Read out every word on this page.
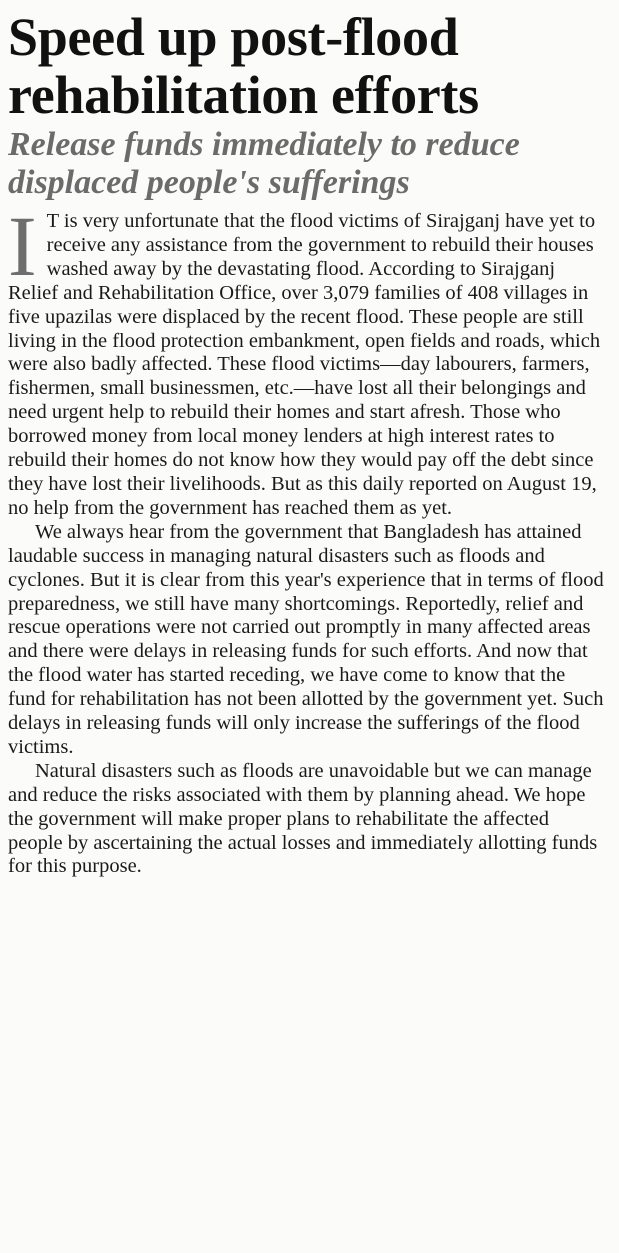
Speed up post-flood rehabilitation efforts
Release funds immediately to reduce displaced people's sufferings

I T is very unfortunate that the flood victims of Sirajganj have yet to receive any assistance from the government to rebuild their houses washed away by the devastating flood. According to Sirajganj Relief and Rehabilitation Office, over 3,079 families of 408 villages in five upazilas were displaced by the recent flood. These people are still living in the flood protection embankment, open fields and roads, which were also badly affected. These flood victims—day labourers, farmers, fishermen, small businessmen, etc.—have lost all their belongings and need urgent help to rebuild their homes and start afresh. Those who borrowed money from local money lenders at high interest rates to rebuild their homes do not know how they would pay off the debt since they have lost their livelihoods. But as this daily reported on August 19, no help from the government has reached them as yet.

We always hear from the government that Bangladesh has attained laudable success in managing natural disasters such as floods and cyclones. But it is clear from this year's experience that in terms of flood preparedness, we still have many shortcomings. Reportedly, relief and rescue operations were not carried out promptly in many affected areas and there were delays in releasing funds for such efforts. And now that the flood water has started receding, we have come to know that the fund for rehabilitation has not been allotted by the government yet. Such delays in releasing funds will only increase the sufferings of the flood victims.

Natural disasters such as floods are unavoidable but we can manage and reduce the risks associated with them by planning ahead. We hope the government will make proper plans to rehabilitate the affected people by ascertaining the actual losses and immediately allotting funds for this purpose.
